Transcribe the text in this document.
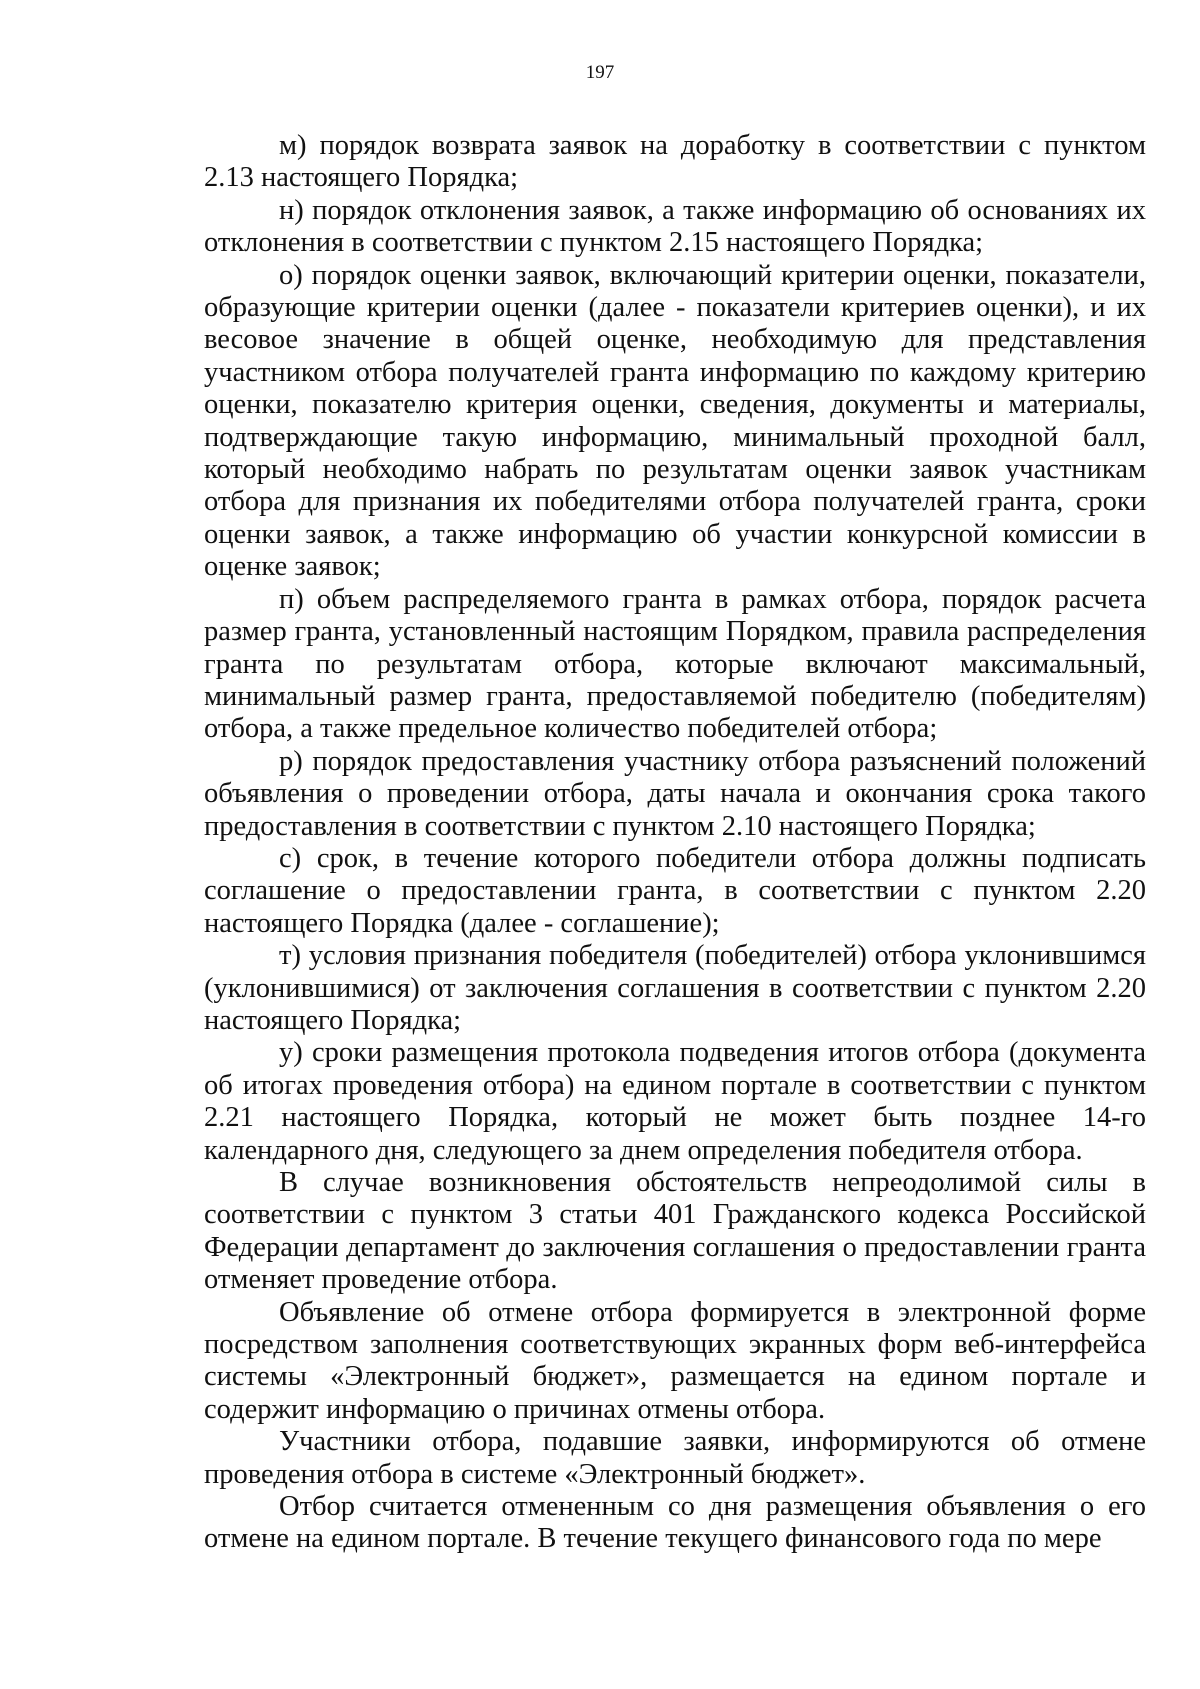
197

м) порядок возврата заявок на доработку в соответствии с пунктом 2.13 настоящего Порядка;

н) порядок отклонения заявок, а также информацию об основаниях их отклонения в соответствии с пунктом 2.15 настоящего Порядка;

о) порядок оценки заявок, включающий критерии оценки, показатели, образующие критерии оценки (далее - показатели критериев оценки), и их весовое значение в общей оценке, необходимую для представления участником отбора получателей гранта информацию по каждому критерию оценки, показателю критерия оценки, сведения, документы и материалы, подтверждающие такую информацию, минимальный проходной балл, который необходимо набрать по результатам оценки заявок участникам отбора для признания их победителями отбора получателей гранта, сроки оценки заявок, а также информацию об участии конкурсной комиссии в оценке заявок;

п) объем распределяемого гранта в рамках отбора, порядок расчета размер гранта, установленный настоящим Порядком, правила распределения гранта по результатам отбора, которые включают максимальный, минимальный размер гранта, предоставляемой победителю (победителям) отбора, а также предельное количество победителей отбора;

р) порядок предоставления участнику отбора разъяснений положений объявления о проведении отбора, даты начала и окончания срока такого предоставления в соответствии с пунктом 2.10 настоящего Порядка;

с) срок, в течение которого победители отбора должны подписать соглашение о предоставлении гранта, в соответствии с пунктом 2.20 настоящего Порядка (далее - соглашение);

т) условия признания победителя (победителей) отбора уклонившимся (уклонившимися) от заключения соглашения в соответствии с пунктом 2.20 настоящего Порядка;

у) сроки размещения протокола подведения итогов отбора (документа об итогах проведения отбора) на едином портале в соответствии с пунктом 2.21 настоящего Порядка, который не может быть позднее 14-го календарного дня, следующего за днем определения победителя отбора.

В случае возникновения обстоятельств непреодолимой силы в соответствии с пунктом 3 статьи 401 Гражданского кодекса Российской Федерации департамент до заключения соглашения о предоставлении гранта отменяет проведение отбора.

Объявление об отмене отбора формируется в электронной форме посредством заполнения соответствующих экранных форм веб-интерфейса системы «Электронный бюджет», размещается на едином портале и содержит информацию о причинах отмены отбора.

Участники отбора, подавшие заявки, информируются об отмене проведения отбора в системе «Электронный бюджет».

Отбор считается отмененным со дня размещения объявления о его отмене на едином портале. В течение текущего финансового года по мере
